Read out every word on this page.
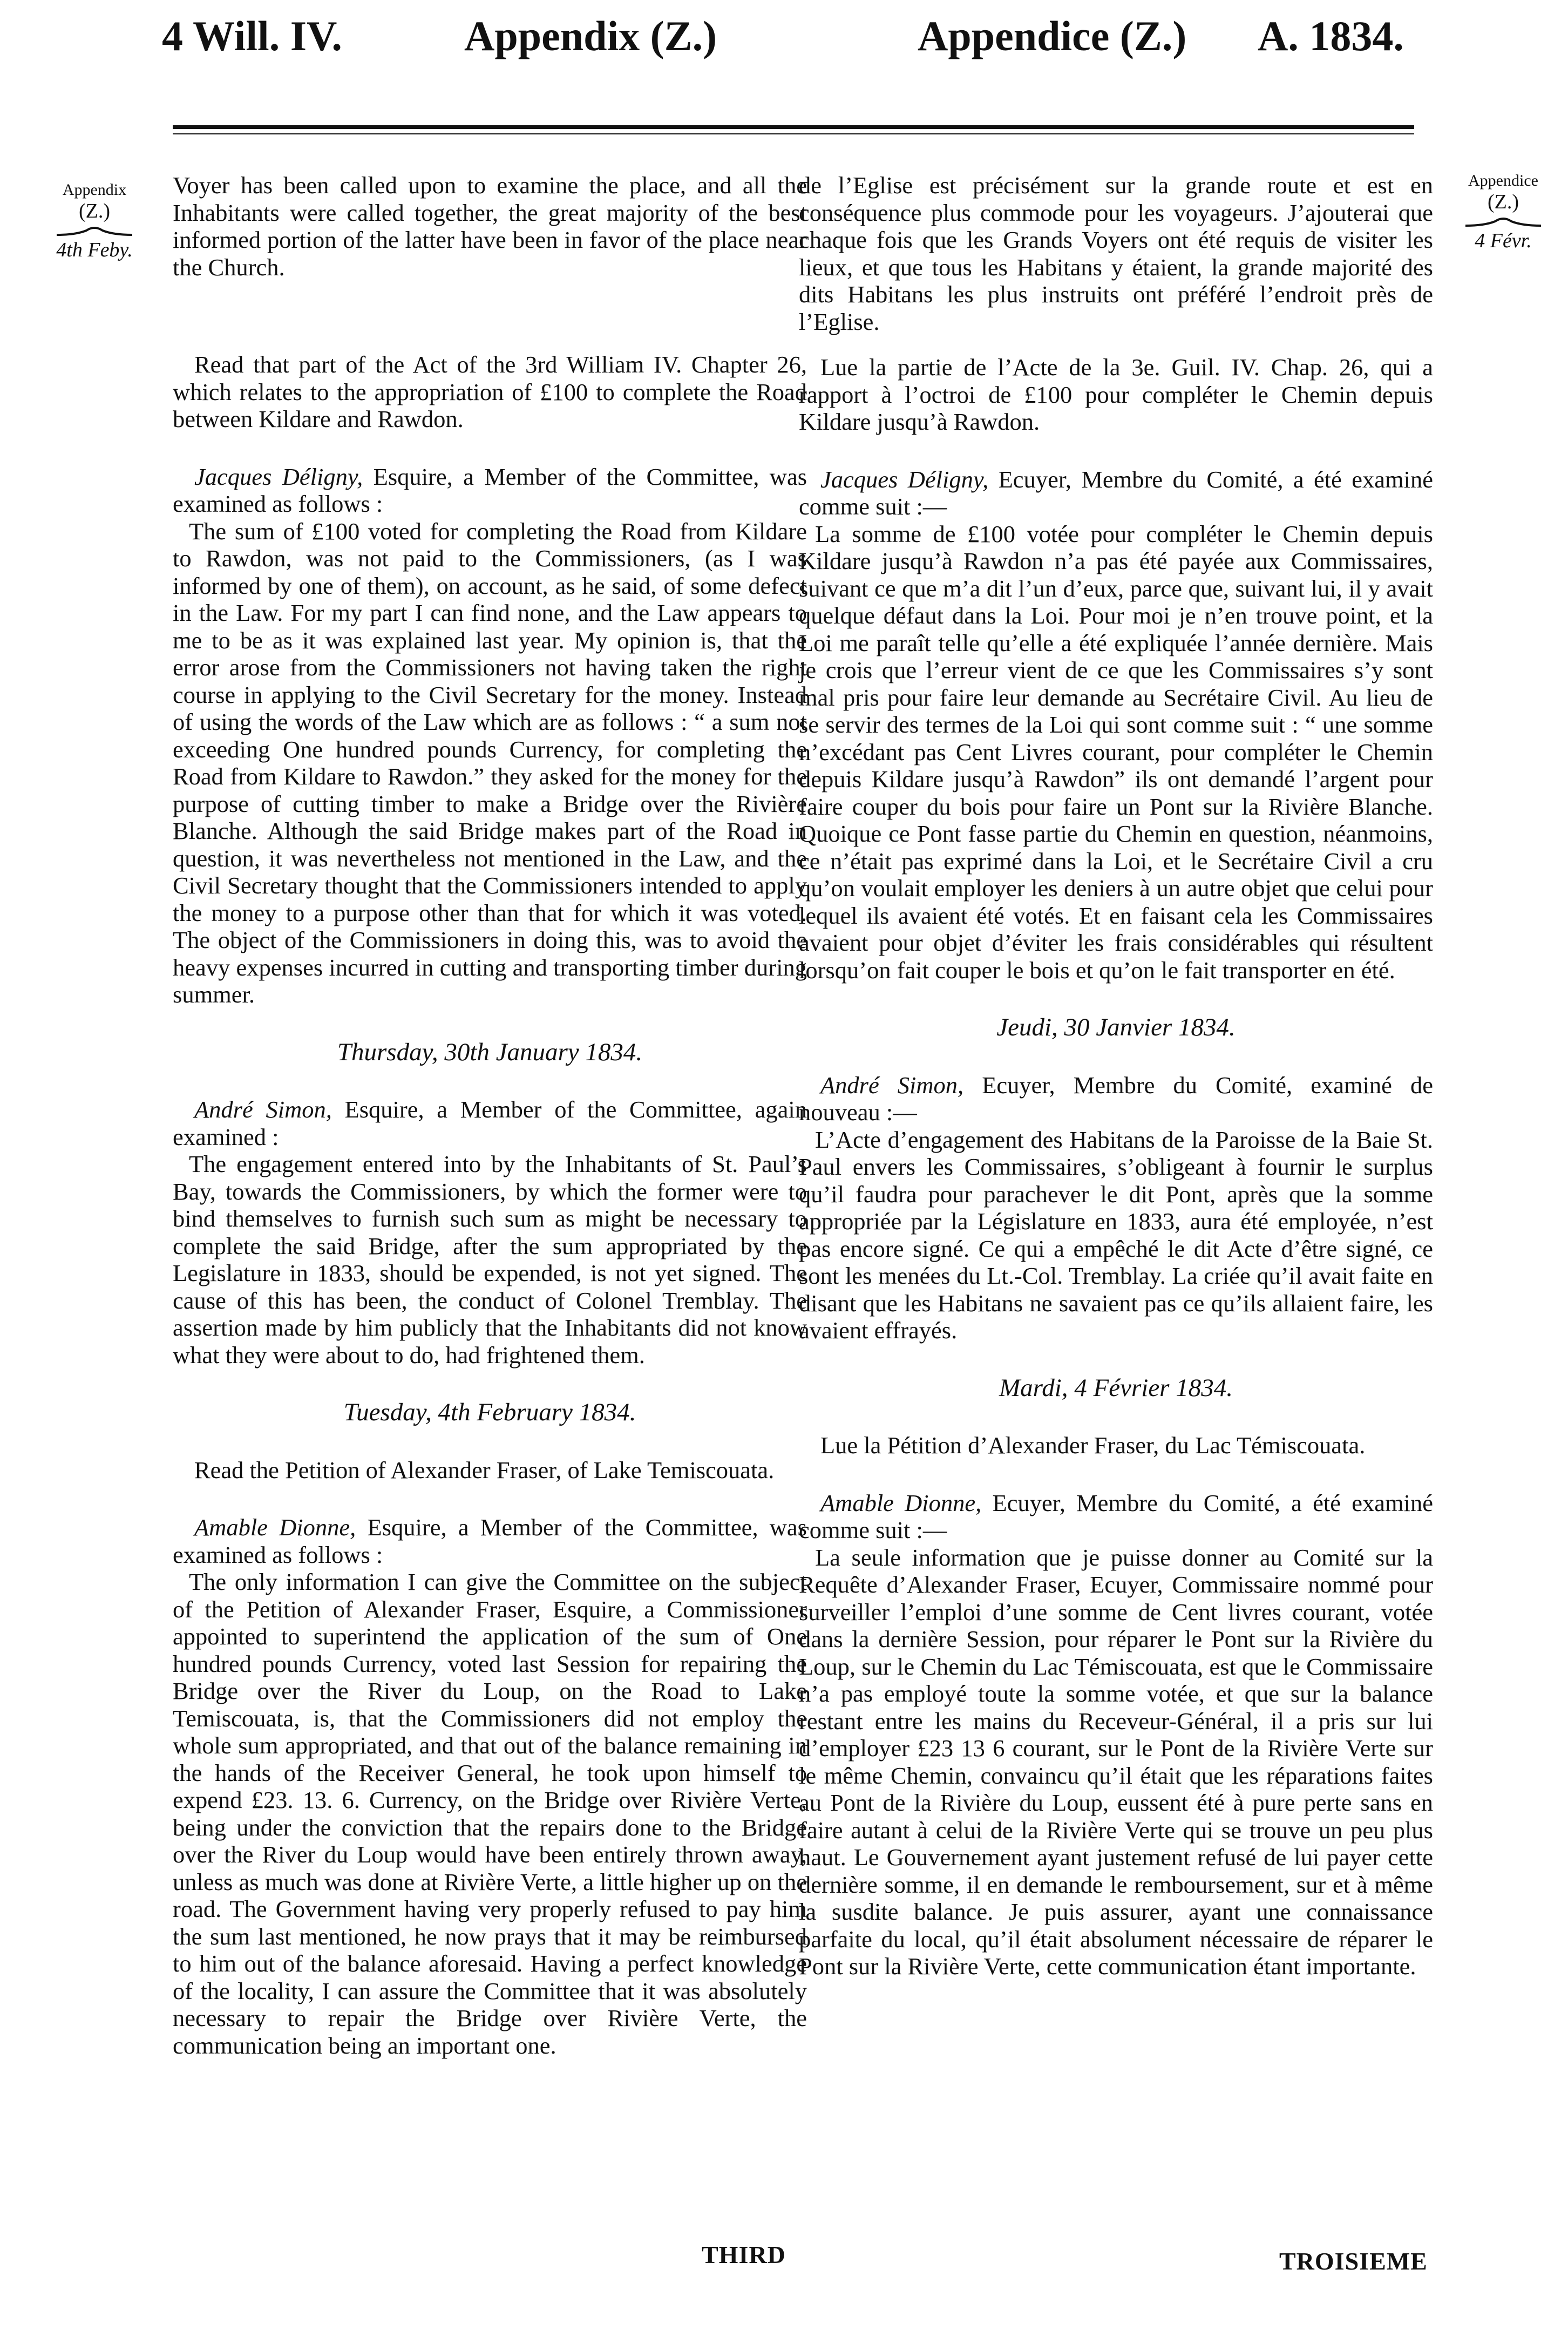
4 Will. IV.	Appendix (Z.)	Appendice (Z.) A. 1834.
Appendix
(Z.)
4th Feby.
Appendice
(Z.)
4 Févr.

Voyer has been called upon to examine the place, and all the Inhabitants were called together, the great majority of the best informed portion of the latter have been in favor of the place near the Church.

Read that part of the Act of the 3rd William IV. Chapter 26, which relates to the appropriation of £100 to complete the Road between Kildare and Rawdon.

Jacques Déligny, Esquire, a Member of the Committee, was examined as follows :

The sum of £100 voted for completing the Road from Kildare to Rawdon, was not paid to the Commissioners, (as I was informed by one of them), on account, as he said, of some defect in the Law. For my part I can find none, and the Law appears to me to be as it was explained last year. My opinion is, that the error arose from the Commissioners not having taken the right course in applying to the Civil Secretary for the money. Instead of using the words of the Law which are as follows : “ a sum not exceeding One hundred pounds Currency, for completing the Road from Kildare to Rawdon.” they asked for the money for the purpose of cutting timber to make a Bridge over the Rivière Blanche. Although the said Bridge makes part of the Road in question, it was nevertheless not mentioned in the Law, and the Civil Secretary thought that the Commissioners intended to apply the money to a purpose other than that for which it was voted. The object of the Commissioners in doing this, was to avoid the heavy expenses incurred in cutting and transporting timber during summer.

Thursday, 30th January 1834.

André Simon, Esquire, a Member of the Committee, again examined :

The engagement entered into by the Inhabitants of St. Paul’s Bay, towards the Commissioners, by which the former were to bind themselves to furnish such sum as might be necessary to complete the said Bridge, after the sum appropriated by the Legislature in 1833, should be expended, is not yet signed. The cause of this has been, the conduct of Colonel Tremblay. The assertion made by him publicly that the Inhabitants did not know what they were about to do, had frightened them.

Tuesday, 4th February 1834.

Read the Petition of Alexander Fraser, of Lake Temiscouata.

Amable Dionne, Esquire, a Member of the Committee, was examined as follows :

The only information I can give the Committee on the subject of the Petition of Alexander Fraser, Esquire, a Commissioner appointed to superintend the application of the sum of One hundred pounds Currency, voted last Session for repairing the Bridge over the River du Loup, on the Road to Lake Temiscouata, is, that the Commissioners did not employ the whole sum appropriated, and that out of the balance remaining in the hands of the Receiver General, he took upon himself to expend £23. 13. 6. Currency, on the Bridge over Rivière Verte, being under the conviction that the repairs done to the Bridge over the River du Loup would have been entirely thrown away, unless as much was done at Rivière Verte, a little higher up on the road. The Government having very properly refused to pay him the sum last mentioned, he now prays that it may be reimbursed to him out of the balance aforesaid. Having a perfect knowledge of the locality, I can assure the Committee that it was absolutely necessary to repair the Bridge over Rivière Verte, the communication being an important one.

de l’Eglise est précisément sur la grande route et est en conséquence plus commode pour les voyageurs. J’ajouterai que chaque fois que les Grands Voyers ont été requis de visiter les lieux, et que tous les Habitans y étaient, la grande majorité des dits Habitans les plus instruits ont préféré l’endroit près de l’Eglise.

Lue la partie de l’Acte de la 3e. Guil. IV. Chap. 26, qui a rapport à l’octroi de £100 pour compléter le Chemin depuis Kildare jusqu’à Rawdon.

Jacques Déligny, Ecuyer, Membre du Comité, a été examiné comme suit :—

La somme de £100 votée pour compléter le Chemin depuis Kildare jusqu’à Rawdon n’a pas été payée aux Commissaires, suivant ce que m’a dit l’un d’eux, parce que, suivant lui, il y avait quelque défaut dans la Loi. Pour moi je n’en trouve point, et la Loi me paraît telle qu’elle a été expliquée l’année dernière. Mais je crois que l’erreur vient de ce que les Commissaires s’y sont mal pris pour faire leur demande au Secrétaire Civil. Au lieu de se servir des termes de la Loi qui sont comme suit : “ une somme n’excédant pas Cent Livres courant, pour compléter le Chemin depuis Kildare jusqu’à Rawdon” ils ont demandé l’argent pour faire couper du bois pour faire un Pont sur la Rivière Blanche. Quoique ce Pont fasse partie du Chemin en question, néanmoins, ce n’était pas exprimé dans la Loi, et le Secrétaire Civil a cru qu’on voulait employer les deniers à un autre objet que celui pour lequel ils avaient été votés. Et en faisant cela les Commissaires avaient pour objet d’éviter les frais considérables qui résultent lorsqu’on fait couper le bois et qu’on le fait transporter en été.

Jeudi, 30 Janvier 1834.

André Simon, Ecuyer, Membre du Comité, examiné de nouveau :—

L’Acte d’engagement des Habitans de la Paroisse de la Baie St. Paul envers les Commissaires, s’obligeant à fournir le surplus qu’il faudra pour parachever le dit Pont, après que la somme appropriée par la Législature en 1833, aura été employée, n’est pas encore signé. Ce qui a empêché le dit Acte d’être signé, ce sont les menées du Lt.-Col. Tremblay. La criée qu’il avait faite en disant que les Habitans ne savaient pas ce qu’ils allaient faire, les avaient effrayés.

Mardi, 4 Février 1834.

Lue la Pétition d’Alexander Fraser, du Lac Témiscouata.

Amable Dionne, Ecuyer, Membre du Comité, a été examiné comme suit :—

La seule information que je puisse donner au Comité sur la Requête d’Alexander Fraser, Ecuyer, Commissaire nommé pour surveiller l’emploi d’une somme de Cent livres courant, votée dans la dernière Session, pour réparer le Pont sur la Rivière du Loup, sur le Chemin du Lac Témiscouata, est que le Commissaire n’a pas employé toute la somme votée, et que sur la balance restant entre les mains du Receveur-Général, il a pris sur lui d’employer £23 13 6 courant, sur le Pont de la Rivière Verte sur le même Chemin, convaincu qu’il était que les réparations faites au Pont de la Rivière du Loup, eussent été à pure perte sans en faire autant à celui de la Rivière Verte qui se trouve un peu plus haut. Le Gouvernement ayant justement refusé de lui payer cette dernière somme, il en demande le remboursement, sur et à même la susdite balance. Je puis assurer, ayant une connaissance parfaite du local, qu’il était absolument nécessaire de réparer le Pont sur la Rivière Verte, cette communication étant importante.

THIRD	TROISIEME
